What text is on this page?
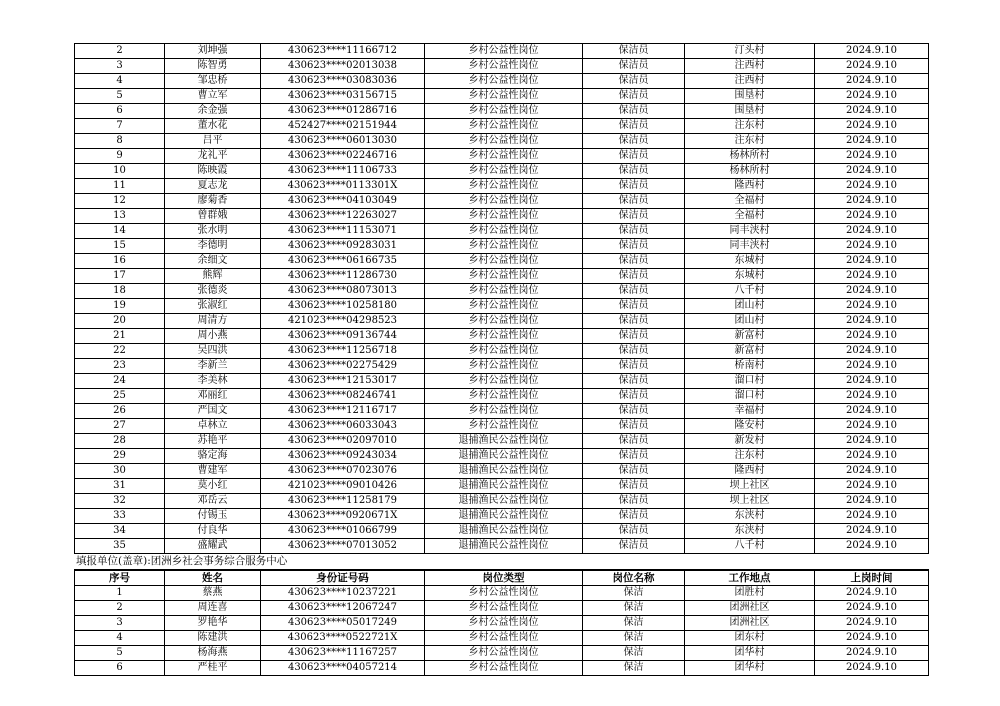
2	刘坤强	430623****11166712	乡村公益性岗位	保洁员	汀头村	2024.9.10
3	陈智勇	430623****02013038	乡村公益性岗位	保洁员	注西村	2024.9.10
4	邹忠桥	430623****03083036	乡村公益性岗位	保洁员	注西村	2024.9.10
5	曹立军	430623****03156715	乡村公益性岗位	保洁员	围垦村	2024.9.10
6	余金强	430623****01286716	乡村公益性岗位	保洁员	围垦村	2024.9.10
7	董水花	452427****02151944	乡村公益性岗位	保洁员	注东村	2024.9.10
8	吕平	430623****06013030	乡村公益性岗位	保洁员	注东村	2024.9.10
9	龙礼平	430623****02246716	乡村公益性岗位	保洁员	杨林所村	2024.9.10
10	陈映霞	430623****11106733	乡村公益性岗位	保洁员	杨林所村	2024.9.10
11	夏志龙	430623****0113301X	乡村公益性岗位	保洁员	隆西村	2024.9.10
12	廖菊香	430623****04103049	乡村公益性岗位	保洁员	全福村	2024.9.10
13	曾群娥	430623****12263027	乡村公益性岗位	保洁员	全福村	2024.9.10
14	张水明	430623****11153071	乡村公益性岗位	保洁员	同丰浃村	2024.9.10
15	李德明	430623****09283031	乡村公益性岗位	保洁员	同丰浃村	2024.9.10
16	余细文	430623****06166735	乡村公益性岗位	保洁员	东城村	2024.9.10
17	熊辉	430623****11286730	乡村公益性岗位	保洁员	东城村	2024.9.10
18	张德炎	430623****08073013	乡村公益性岗位	保洁员	八千村	2024.9.10
19	张淑红	430623****10258180	乡村公益性岗位	保洁员	团山村	2024.9.10
20	周清方	421023****04298523	乡村公益性岗位	保洁员	团山村	2024.9.10
21	周小燕	430623****09136744	乡村公益性岗位	保洁员	新富村	2024.9.10
22	吴四洪	430623****11256718	乡村公益性岗位	保洁员	新富村	2024.9.10
23	李新兰	430623****02275429	乡村公益性岗位	保洁员	桥南村	2024.9.10
24	李美林	430623****12153017	乡村公益性岗位	保洁员	溜口村	2024.9.10
25	邓丽红	430623****08246741	乡村公益性岗位	保洁员	溜口村	2024.9.10
26	严国文	430623****12116717	乡村公益性岗位	保洁员	幸福村	2024.9.10
27	卓林立	430623****06033043	乡村公益性岗位	保洁员	隆安村	2024.9.10
28	苏艳平	430623****02097010	退捕渔民公益性岗位	保洁员	新发村	2024.9.10
29	骆定海	430623****09243034	退捕渔民公益性岗位	保洁员	注东村	2024.9.10
30	曹建军	430623****07023076	退捕渔民公益性岗位	保洁员	隆西村	2024.9.10
31	莫小红	421023****09010426	退捕渔民公益性岗位	保洁员	坝上社区	2024.9.10
32	邓岳云	430623****11258179	退捕渔民公益性岗位	保洁员	坝上社区	2024.9.10
33	付锡玉	430623****0920671X	退捕渔民公益性岗位	保洁员	东浃村	2024.9.10
34	付良华	430623****01066799	退捕渔民公益性岗位	保洁员	东浃村	2024.9.10
35	盛耀武	430623****07013052	退捕渔民公益性岗位	保洁员	八千村	2024.9.10
填报单位(盖章):团洲乡社会事务综合服务中心
序号	姓名	身份证号码	岗位类型	岗位名称	工作地点	上岗时间
1	蔡燕	430623****10237221	乡村公益性岗位	保洁	团胜村	2024.9.10
2	周连喜	430623****12067247	乡村公益性岗位	保洁	团洲社区	2024.9.10
3	罗艳华	430623****05017249	乡村公益性岗位	保洁	团洲社区	2024.9.10
4	陈建洪	430623****0522721X	乡村公益性岗位	保洁	团东村	2024.9.10
5	杨海燕	430623****11167257	乡村公益性岗位	保洁	团华村	2024.9.10
6	严桂平	430623****04057214	乡村公益性岗位	保洁	团华村	2024.9.10
